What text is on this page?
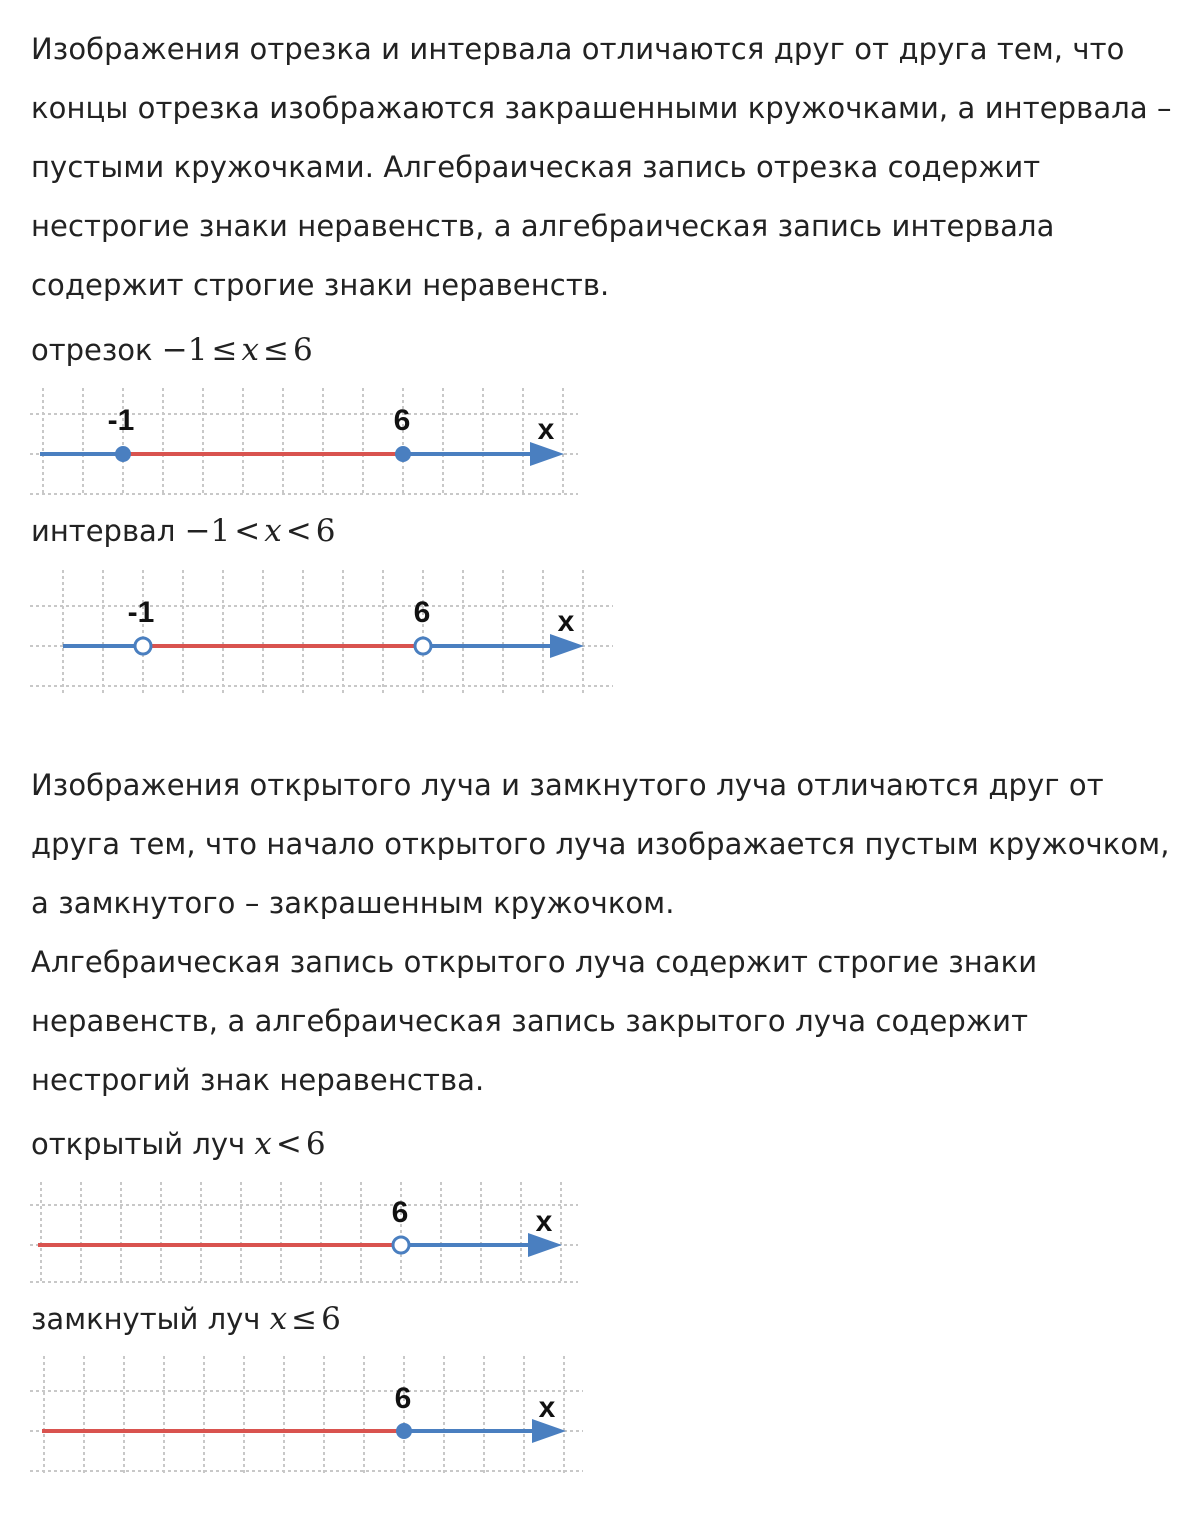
Изображения отрезка и интервала отличаются друг от друга тем, что концы отрезка изображаются закрашенными кружочками, а интервала – пустыми кружочками. Алгебраическая запись отрезка содержит нестрогие знаки неравенств, а алгебраическая запись интервала содержит строгие знаки неравенств.

отрезок −1 ≤ x ≤ 6
-1	6	x
интервал −1 < x < 6
-1	6	x
Изображения открытого луча и замкнутого луча отличаются друг от друга тем, что начало открытого луча изображается пустым кружочком, а замкнутого – закрашенным кружочком.
Алгебраическая запись открытого луча содержит строгие знаки неравенств, а алгебраическая запись закрытого луча содержит нестрогий знак неравенства.
открытый луч x < 6
6	x
замкнутый луч x ≤ 6
6	x
